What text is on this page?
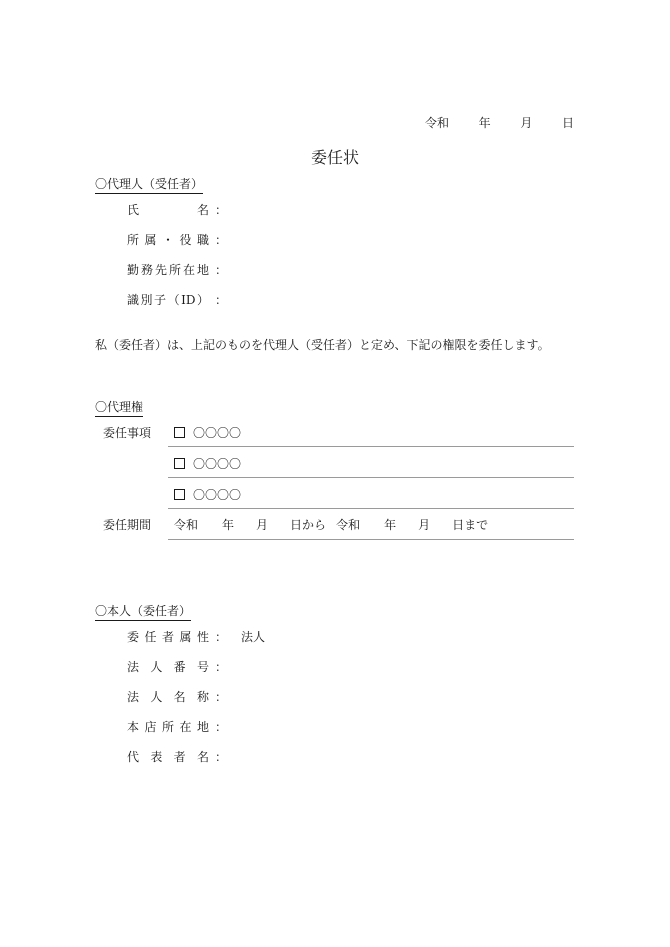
令和 年 月 日
委任状
〇代理人（受任者）
氏　　名 ：
所属・役職 ：
勤務先所在地 ：
識別子（ID） ：
私（委任者）は、上記のものを代理人（受任者）と定め、下記の権限を委任します。
〇代理権
委任事項	〇〇〇〇
〇〇〇〇
〇〇〇〇
委任期間 令和 年 月 日から 令和 年 月 日まで
〇本人（委任者）
委任者属性 ： 法人
法人番号 ：
法人名称 ：
本店所在地 ：
代表者名 ：
